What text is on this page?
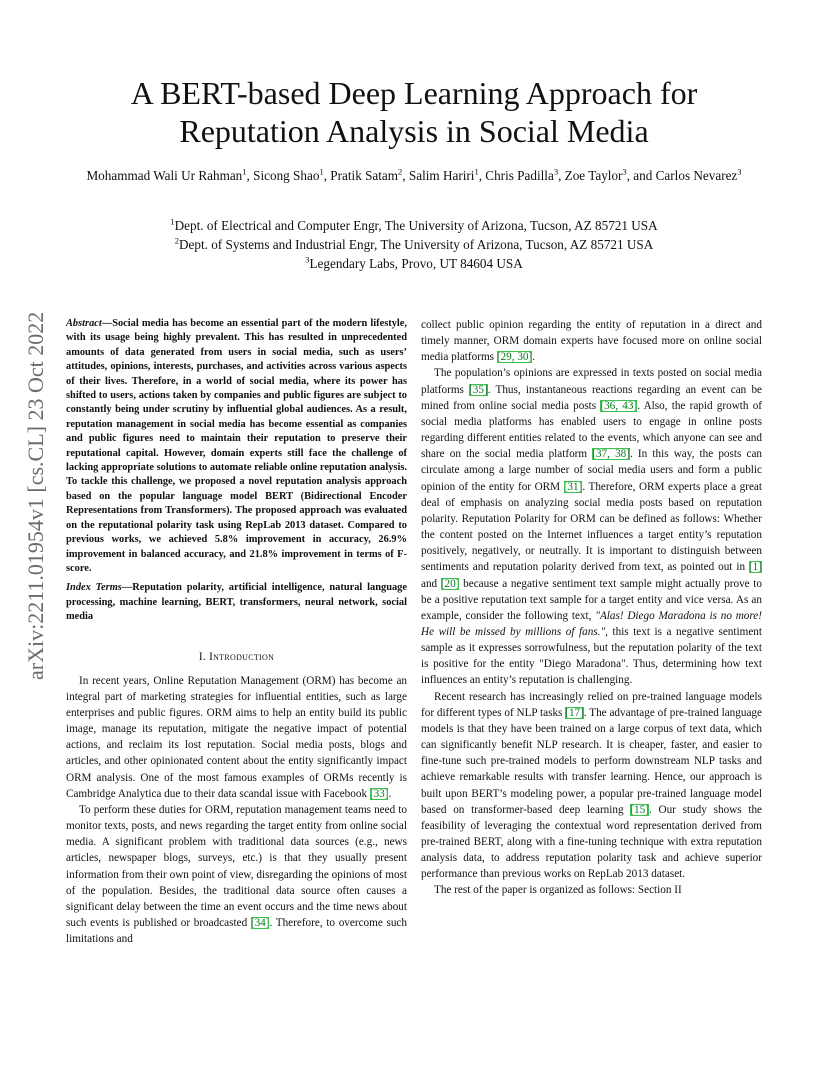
arXiv:2211.01954v1 [cs.CL] 23 Oct 2022
A BERT-based Deep Learning Approach for Reputation Analysis in Social Media
Mohammad Wali Ur Rahman$^1$, Sicong Shao$^1$, Pratik Satam$^2$, Salim Hariri$^1$, Chris Padilla$^3$, Zoe Taylor$^3$, and Carlos Nevarez$^3$
$^1$Dept. of Electrical and Computer Engr, The University of Arizona, Tucson, AZ 85721 USA
$^2$Dept. of Systems and Industrial Engr, The University of Arizona, Tucson, AZ 85721 USA
$^3$Legendary Labs, Provo, UT 84604 USA

Abstract—Social media has become an essential part of the modern lifestyle, with its usage being highly prevalent. This has resulted in unprecedented amounts of data generated from users in social media, such as users’ attitudes, opinions, interests, purchases, and activities across various aspects of their lives. Therefore, in a world of social media, where its power has shifted to users, actions taken by companies and public figures are subject to constantly being under scrutiny by influential global audiences. As a result, reputation management in social media has become essential as companies and public figures need to maintain their reputation to preserve their reputational capital. However, domain experts still face the challenge of lacking appropriate solutions to automate reliable online reputation analysis. To tackle this challenge, we proposed a novel reputation analysis approach based on the popular language model BERT (Bidirectional Encoder Representations from Transformers). The proposed approach was evaluated on the reputational polarity task using RepLab 2013 dataset. Compared to previous works, we achieved 5.8% improvement in accuracy, 26.9% improvement in balanced accuracy, and 21.8% improvement in terms of F-score.

Index Terms—Reputation polarity, artificial intelligence, natural language processing, machine learning, BERT, transformers, neural network, social media

I. Introduction

In recent years, Online Reputation Management (ORM) has become an integral part of marketing strategies for influential entities, such as large enterprises and public figures. ORM aims to help an entity build its public image, manage its reputation, mitigate the negative impact of potential actions, and reclaim its lost reputation. Social media posts, blogs and articles, and other opinionated content about the entity significantly impact ORM analysis. One of the most famous examples of ORMs recently is Cambridge Analytica due to their data scandal issue with Facebook [33].

To perform these duties for ORM, reputation management teams need to monitor texts, posts, and news regarding the target entity from online social media. A significant problem with traditional data sources (e.g., news articles, newspaper blogs, surveys, etc.) is that they usually present information from their own point of view, disregarding the opinions of most of the population. Besides, the traditional data source often causes a significant delay between the time an event occurs and the time news about such events is published or broadcasted [34]. Therefore, to overcome such limitations and

collect public opinion regarding the entity of reputation in a direct and timely manner, ORM domain experts have focused more on online social media platforms [29, 30].

The population’s opinions are expressed in texts posted on social media platforms [35]. Thus, instantaneous reactions regarding an event can be mined from online social media posts [36, 43]. Also, the rapid growth of social media platforms has enabled users to engage in online posts regarding different entities related to the events, which anyone can see and share on the social media platform [37, 38]. In this way, the posts can circulate among a large number of social media users and form a public opinion of the entity for ORM [31]. Therefore, ORM experts place a great deal of emphasis on analyzing social media posts based on reputation polarity. Reputation Polarity for ORM can be defined as follows: Whether the content posted on the Internet influences a target entity’s reputation positively, negatively, or neutrally. It is important to distinguish between sentiments and reputation polarity derived from text, as pointed out in [1] and [20] because a negative sentiment text sample might actually prove to be a positive reputation text sample for a target entity and vice versa. As an example, consider the following text, "Alas! Diego Maradona is no more! He will be missed by millions of fans.", this text is a negative sentiment sample as it expresses sorrowfulness, but the reputation polarity of the text is positive for the entity "Diego Maradona". Thus, determining how text influences an entity’s reputation is challenging.

Recent research has increasingly relied on pre-trained language models for different types of NLP tasks [17]. The advantage of pre-trained language models is that they have been trained on a large corpus of text data, which can significantly benefit NLP research. It is cheaper, faster, and easier to fine-tune such pre-trained models to perform downstream NLP tasks and achieve remarkable results with transfer learning. Hence, our approach is built upon BERT’s modeling power, a popular pre-trained language model based on transformer-based deep learning [15]. Our study shows the feasibility of leveraging the contextual word representation derived from pre-trained BERT, along with a fine-tuning technique with extra reputation analysis data, to address reputation polarity task and achieve superior performance than previous works on RepLab 2013 dataset.

The rest of the paper is organized as follows: Section II
